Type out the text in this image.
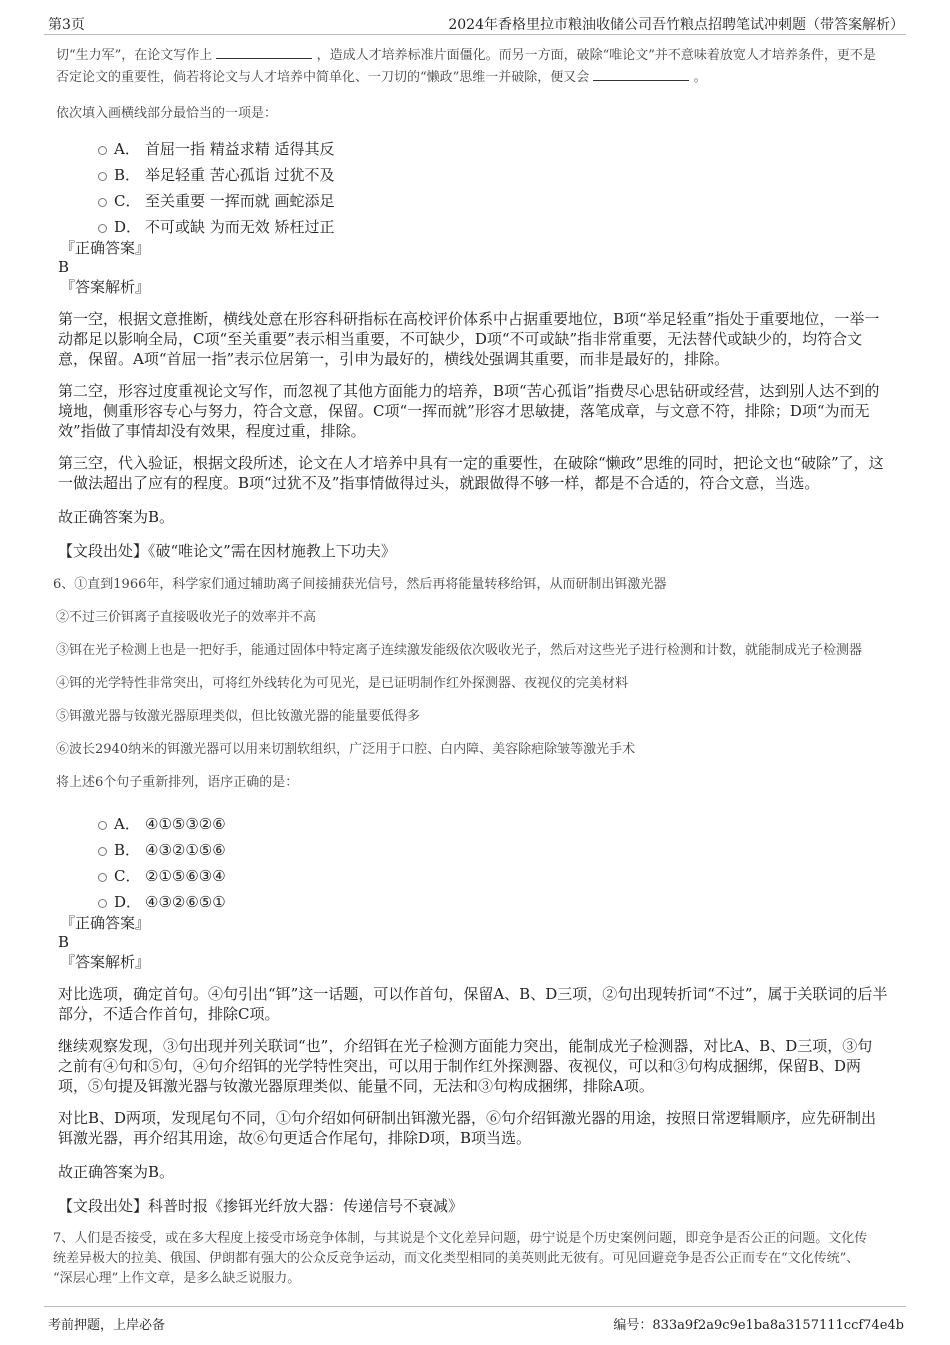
第3页	2024年香格里拉市粮油收储公司吾竹粮点招聘笔试冲刺题（带答案解析）

切“生力军”，在论文写作上	，造成人才培养标准片面僵化。而另一方面，破除“唯论文”并不意味着放宽人才培养条件，更不是
否定论文的重要性，倘若将论文与人才培养中简单化、一刀切的“懒政”思维一并破除，便又会	。

依次填入画横线部分最恰当的一项是：

A． 首屈一指 精益求精 适得其反
B． 举足轻重 苦心孤诣 过犹不及
C． 至关重要 一挥而就 画蛇添足
D． 不可或缺 为而无效 矫枉过正

『正确答案』

B

『答案解析』

第一空，根据文意推断，横线处意在形容科研指标在高校评价体系中占据重要地位，B项“举足轻重”指处于重要地位，一举一
动都足以影响全局，C项“至关重要”表示相当重要，不可缺少，D项“不可或缺”指非常重要，无法替代或缺少的，均符合文
意，保留。A项“首屈一指”表示位居第一，引申为最好的，横线处强调其重要，而非是最好的，排除。

第二空，形容过度重视论文写作，而忽视了其他方面能力的培养，B项“苦心孤诣”指费尽心思钻研或经营，达到别人达不到的
境地，侧重形容专心与努力，符合文意，保留。C项“一挥而就”形容才思敏捷，落笔成章，与文意不符，排除；D项“为而无
效”指做了事情却没有效果，程度过重，排除。

第三空，代入验证，根据文段所述，论文在人才培养中具有一定的重要性，在破除“懒政”思维的同时，把论文也“破除”了，这
一做法超出了应有的程度。B项“过犹不及”指事情做得过头，就跟做得不够一样，都是不合适的，符合文意，当选。

故正确答案为B。

【文段出处】《破“唯论文”需在因材施教上下功夫》

6、①直到1966年，科学家们通过辅助离子间接捕获光信号，然后再将能量转移给铒，从而研制出铒激光器

②不过三价铒离子直接吸收光子的效率并不高

③铒在光子检测上也是一把好手，能通过固体中特定离子连续激发能级依次吸收光子，然后对这些光子进行检测和计数，就能制成光子检测器

④铒的光学特性非常突出，可将红外线转化为可见光，是已证明制作红外探测器、夜视仪的完美材料

⑤铒激光器与钕激光器原理类似，但比钕激光器的能量要低得多

⑥波长2940纳米的铒激光器可以用来切割软组织，广泛用于口腔、白内障、美容除疤除皱等激光手术

将上述6个句子重新排列，语序正确的是：

A． ④①⑤③②⑥
B． ④③②①⑤⑥
C． ②①⑤⑥③④
D． ④③②⑥⑤①

『正确答案』

B

『答案解析』

对比选项，确定首句。④句引出“铒”这一话题，可以作首句，保留A、B、D三项，②句出现转折词“不过”，属于关联词的后半
部分，不适合作首句，排除C项。

继续观察发现，③句出现并列关联词“也”，介绍铒在光子检测方面能力突出，能制成光子检测器，对比A、B、D三项，③句
之前有④句和⑤句，④句介绍铒的光学特性突出，可以用于制作红外探测器、夜视仪，可以和③句构成捆绑，保留B、D两
项，⑤句提及铒激光器与钕激光器原理类似、能量不同，无法和③句构成捆绑，排除A项。

对比B、D两项，发现尾句不同，①句介绍如何研制出铒激光器，⑥句介绍铒激光器的用途，按照日常逻辑顺序，应先研制出
铒激光器，再介绍其用途，故⑥句更适合作尾句，排除D项，B项当选。

故正确答案为B。

【文段出处】科普时报《掺铒光纤放大器：传递信号不衰减》

7、人们是否接受，或在多大程度上接受市场竞争体制，与其说是个文化差异问题，毋宁说是个历史案例问题，即竞争是否公正的问题。文化传
统差异极大的拉美、俄国、伊朗都有强大的公众反竞争运动，而文化类型相同的美英则此无彼有。可见回避竞争是否公正而专在“文化传统”、
“深层心理”上作文章，是多么缺乏说服力。

考前押题，上岸必备	编号：833a9f2a9c9e1ba8a3157111ccf74e4b
